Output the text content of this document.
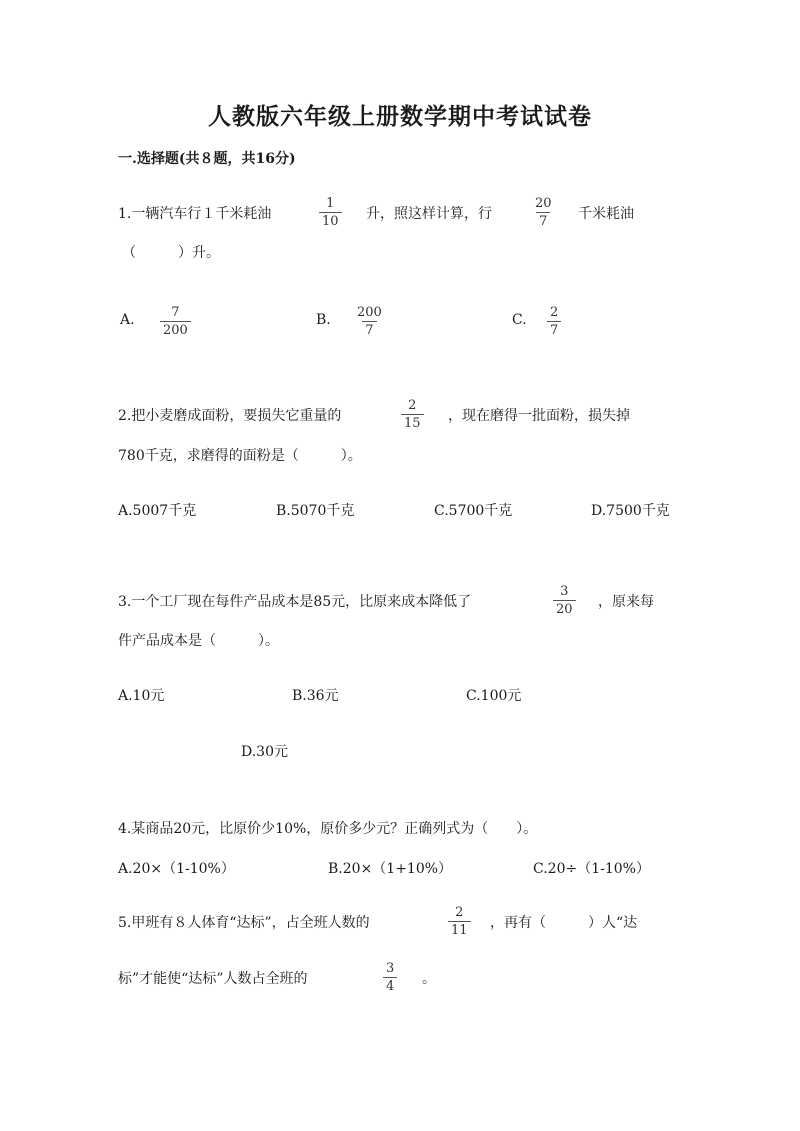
人教版六年级上册数学期中考试试卷
一.选择题(共８题，共16分)
1.一辆汽车行１千米耗油	$\frac{1}{10}$ 升，照这样计算，行	$\frac{20}{7}$ 千米耗油
（　　　）升。
A. $\frac{7}{200}$	B. $\frac{200}{7}$	C. $\frac{2}{7}$
2.把小麦磨成面粉，要损失它重量的	$\frac{2}{15}$ ，现在磨得一批面粉，损失掉
780千克，求磨得的面粉是（　　　）。
A.5007千克	B.5070千克	C.5700千克	D.7500千克
3.一个工厂现在每件产品成本是85元，比原来成本降低了	$\frac{3}{20}$ ，原来每
件产品成本是（　　　）。
A.10元	B.36元	C.100元
D.30元
4.某商品20元，比原价少10%，原价多少元？正确列式为（　　）。
A.20×（1-10%）	B.20×（1+10%）	C.20÷（1-10%）
5.甲班有８人体育“达标”，占全班人数的	$\frac{2}{11}$ ，再有（　　　）人“达
标”才能使“达标”人数占全班的	$\frac{3}{4}$ 。
